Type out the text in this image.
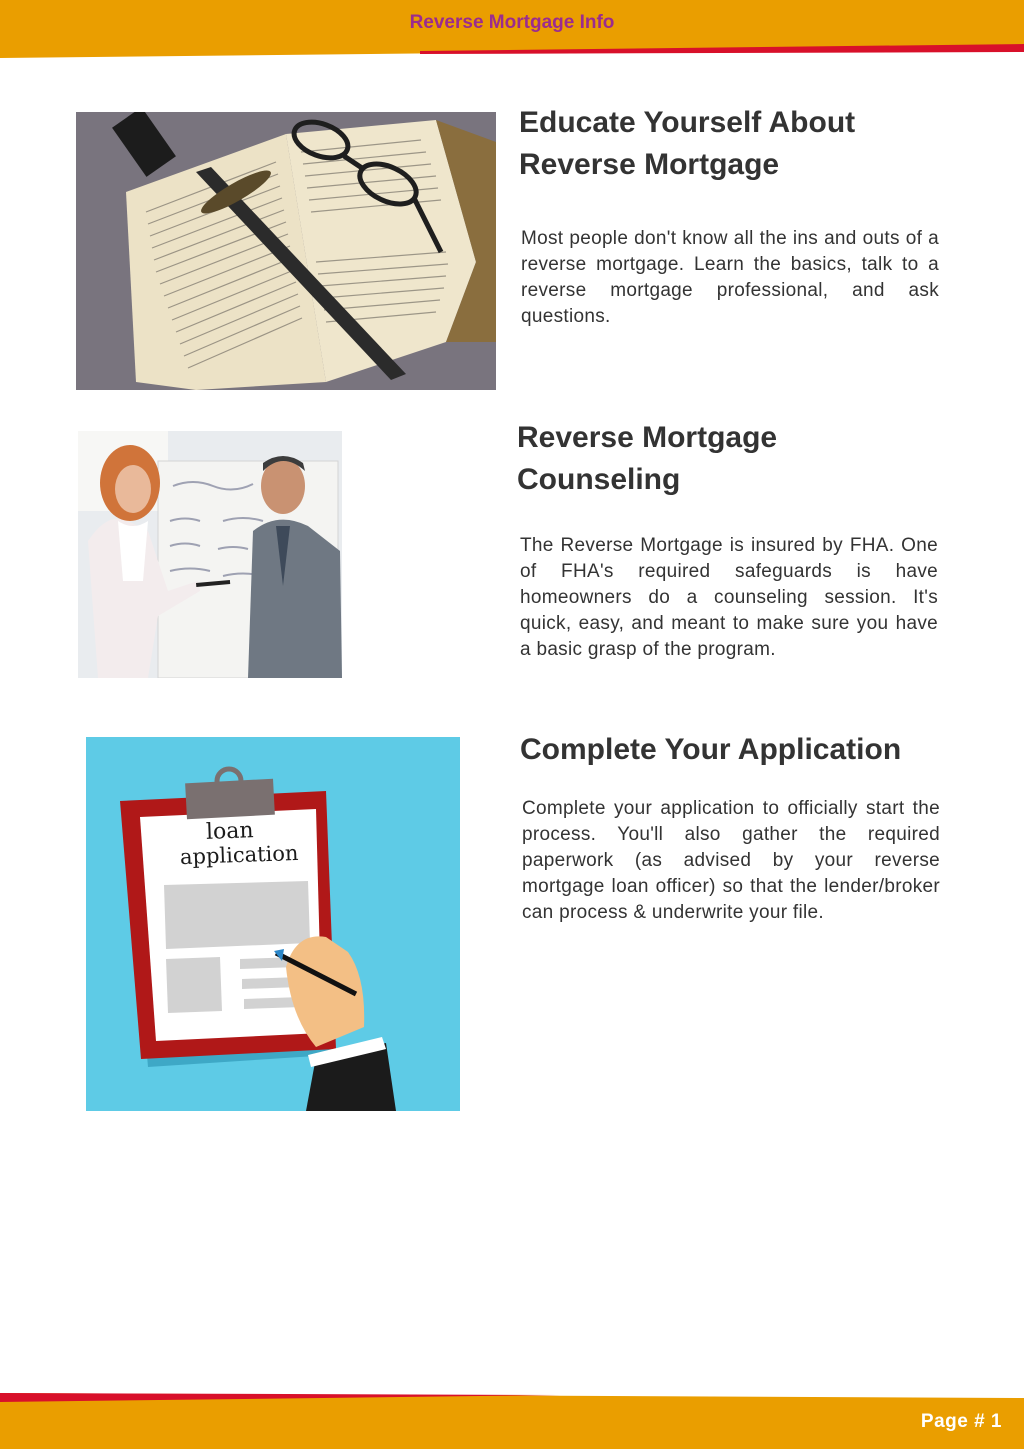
Reverse Mortgage Info
Educate Yourself About
Reverse Mortgage

Most people don't know all the ins and outs of a reverse mortgage. Learn the basics, talk to a reverse mortgage professional, and ask questions.

Reverse Mortgage
Counseling

The Reverse Mortgage is insured by FHA. One of FHA's required safeguards is have homeowners do a counseling session. It's quick, easy, and meant to make sure you have a basic grasp of the program.

loan
application
Complete Your Application

Complete your application to officially start the process. You'll also gather the required paperwork (as advised by your reverse mortgage loan officer) so that the lender/broker can process & underwrite your file.

Page # 1
